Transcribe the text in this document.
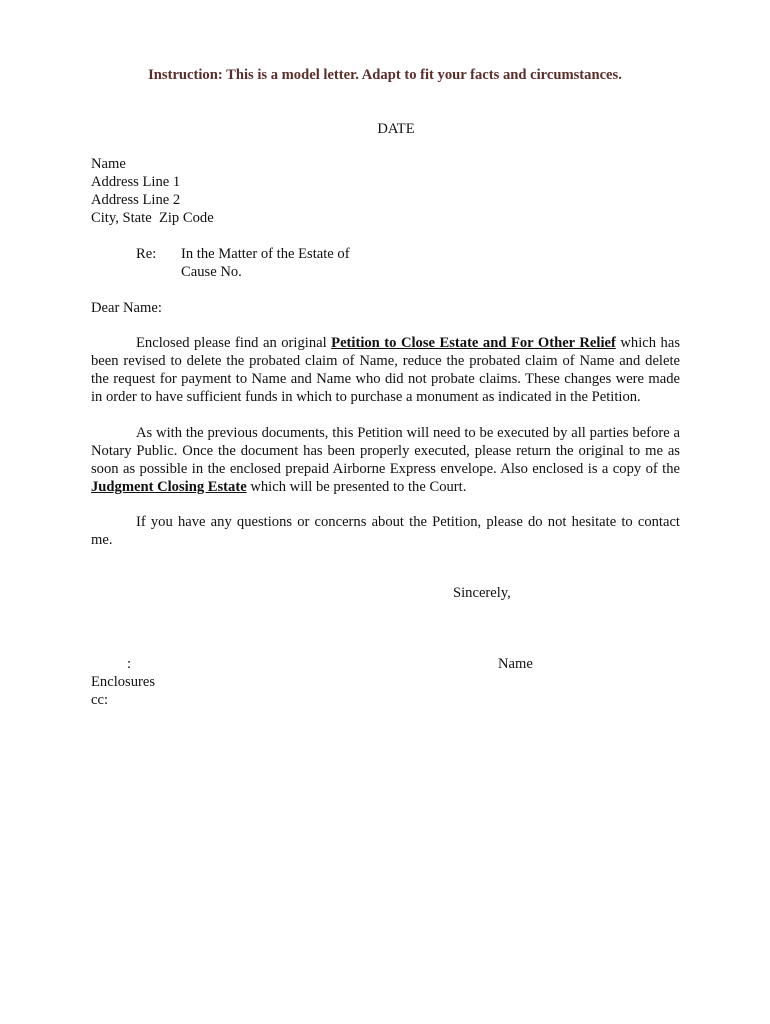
Instruction: This is a model letter. Adapt to fit your facts and circumstances.
DATE
Name
Address Line 1
Address Line 2
City, State  Zip Code
Re: In the Matter of the Estate of
Cause No.
Dear Name:

Enclosed please find an original Petition to Close Estate and For Other Relief which has been revised to delete the probated claim of Name, reduce the probated claim of Name and delete the request for payment to Name and Name who did not probate claims. These changes were made in order to have sufficient funds in which to purchase a monument as indicated in the Petition.

As with the previous documents, this Petition will need to be executed by all parties before a Notary Public. Once the document has been properly executed, please return the original to me as soon as possible in the enclosed prepaid Airborne Express envelope. Also enclosed is a copy of the Judgment Closing Estate which will be presented to the Court.

If you have any questions or concerns about the Petition, please do not hesitate to contact me.

Sincerely,
:	Name
Enclosures
cc:
